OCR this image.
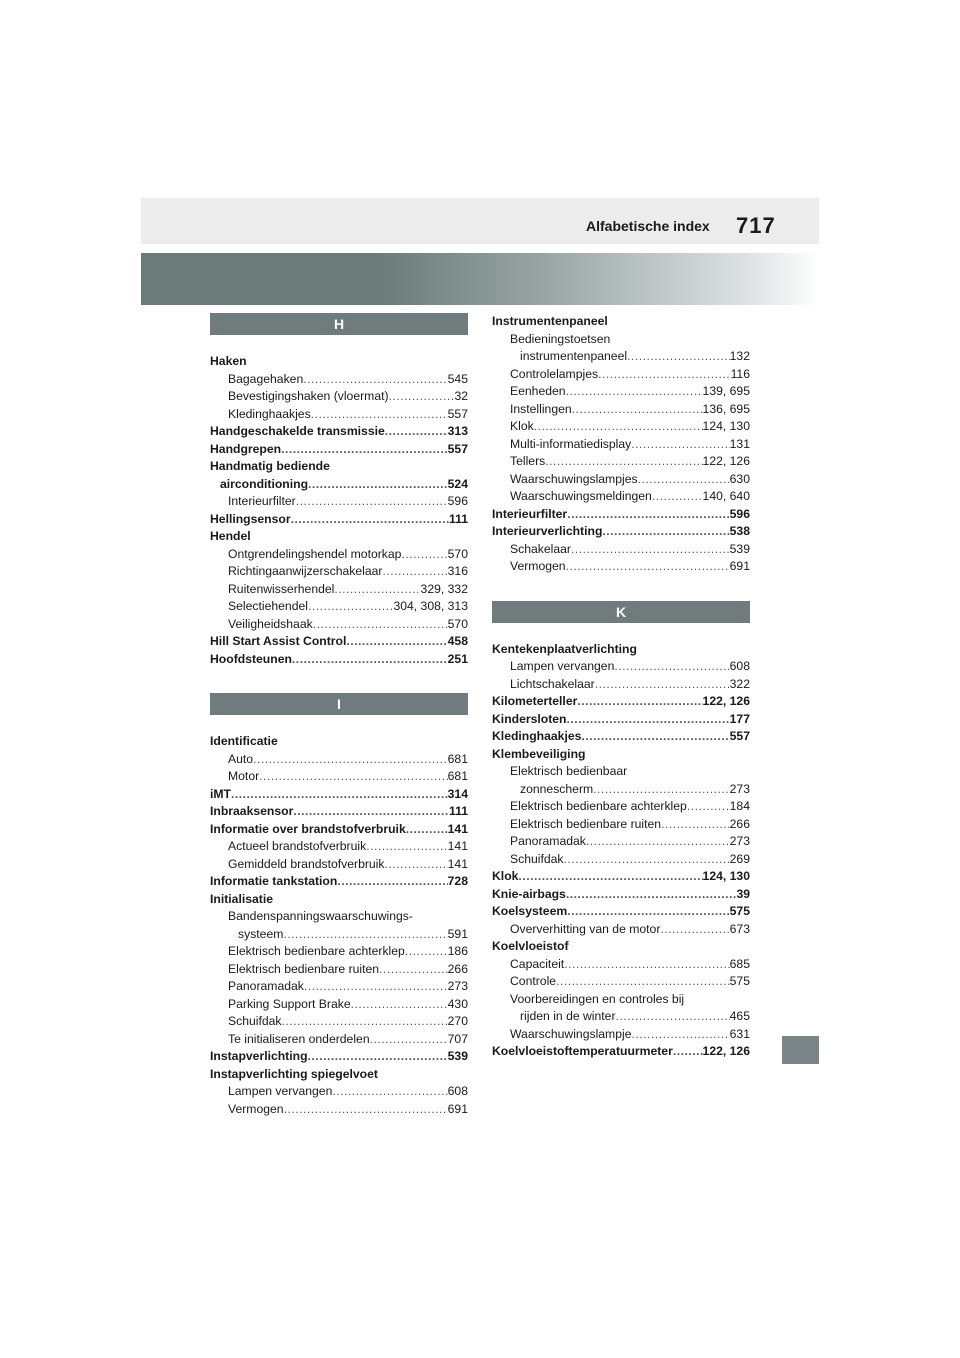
Alfabetische index 717
H
Haken
Bagagehaken .....	545
Bevestigingshaken (vloermat) .....	32
Kledinghaakjes .....	557
Handgeschakelde transmissie .....	313
Handgrepen .....	557
Handmatig bediende
airconditioning .....	524
Interieurfilter .....	596
Hellingsensor .....	111
Hendel
Ontgrendelingshendel motorkap .....	570
Richtingaanwijzerschakelaar .....	316
Ruitenwisserhendel .....	329, 332
Selectiehendel .....	304, 308, 313
Veiligheidshaak .....	570
Hill Start Assist Control .....	458
Hoofdsteunen .....	251
I
Identificatie
Auto .....	681
Motor .....	681
iMT .....	314
Inbraaksensor .....	111
Informatie over brandstofverbruik .....	141
Actueel brandstofverbruik .....	141
Gemiddeld brandstofverbruik .....	141
Informatie tankstation .....	728
Initialisatie
Bandenspanningswaarschuwings-
systeem .....	591
Elektrisch bedienbare achterklep .....	186
Elektrisch bedienbare ruiten .....	266
Panoramadak .....	273
Parking Support Brake .....	430
Schuifdak .....	270
Te initialiseren onderdelen .....	707
Instapverlichting .....	539
Instapverlichting spiegelvoet
Lampen vervangen .....	608
Vermogen .....	691
Instrumentenpaneel
Bedieningstoetsen
instrumentenpaneel .....	132
Controlelampjes .....	116
Eenheden .....	139, 695
Instellingen .....	136, 695
Klok .....	124, 130
Multi-informatiedisplay .....	131
Tellers .....	122, 126
Waarschuwingslampjes .....	630
Waarschuwingsmeldingen .....	140, 640
Interieurfilter .....	596
Interieurverlichting .....	538
Schakelaar .....	539
Vermogen .....	691
K
Kentekenplaatverlichting
Lampen vervangen .....	608
Lichtschakelaar .....	322
Kilometerteller .....	122, 126
Kindersloten .....	177
Kledinghaakjes .....	557
Klembeveiliging
Elektrisch bedienbaar
zonnescherm .....	273
Elektrisch bedienbare achterklep .....	184
Elektrisch bedienbare ruiten .....	266
Panoramadak .....	273
Schuifdak .....	269
Klok .....	124, 130
Knie-airbags .....	39
Koelsysteem .....	575
Oververhitting van de motor .....	673
Koelvloeistof
Capaciteit .....	685
Controle .....	575
Voorbereidingen en controles bij
rijden in de winter .....	465
Waarschuwingslampje .....	631
Koelvloeistoftemperatuurmeter ..... 122, 126
